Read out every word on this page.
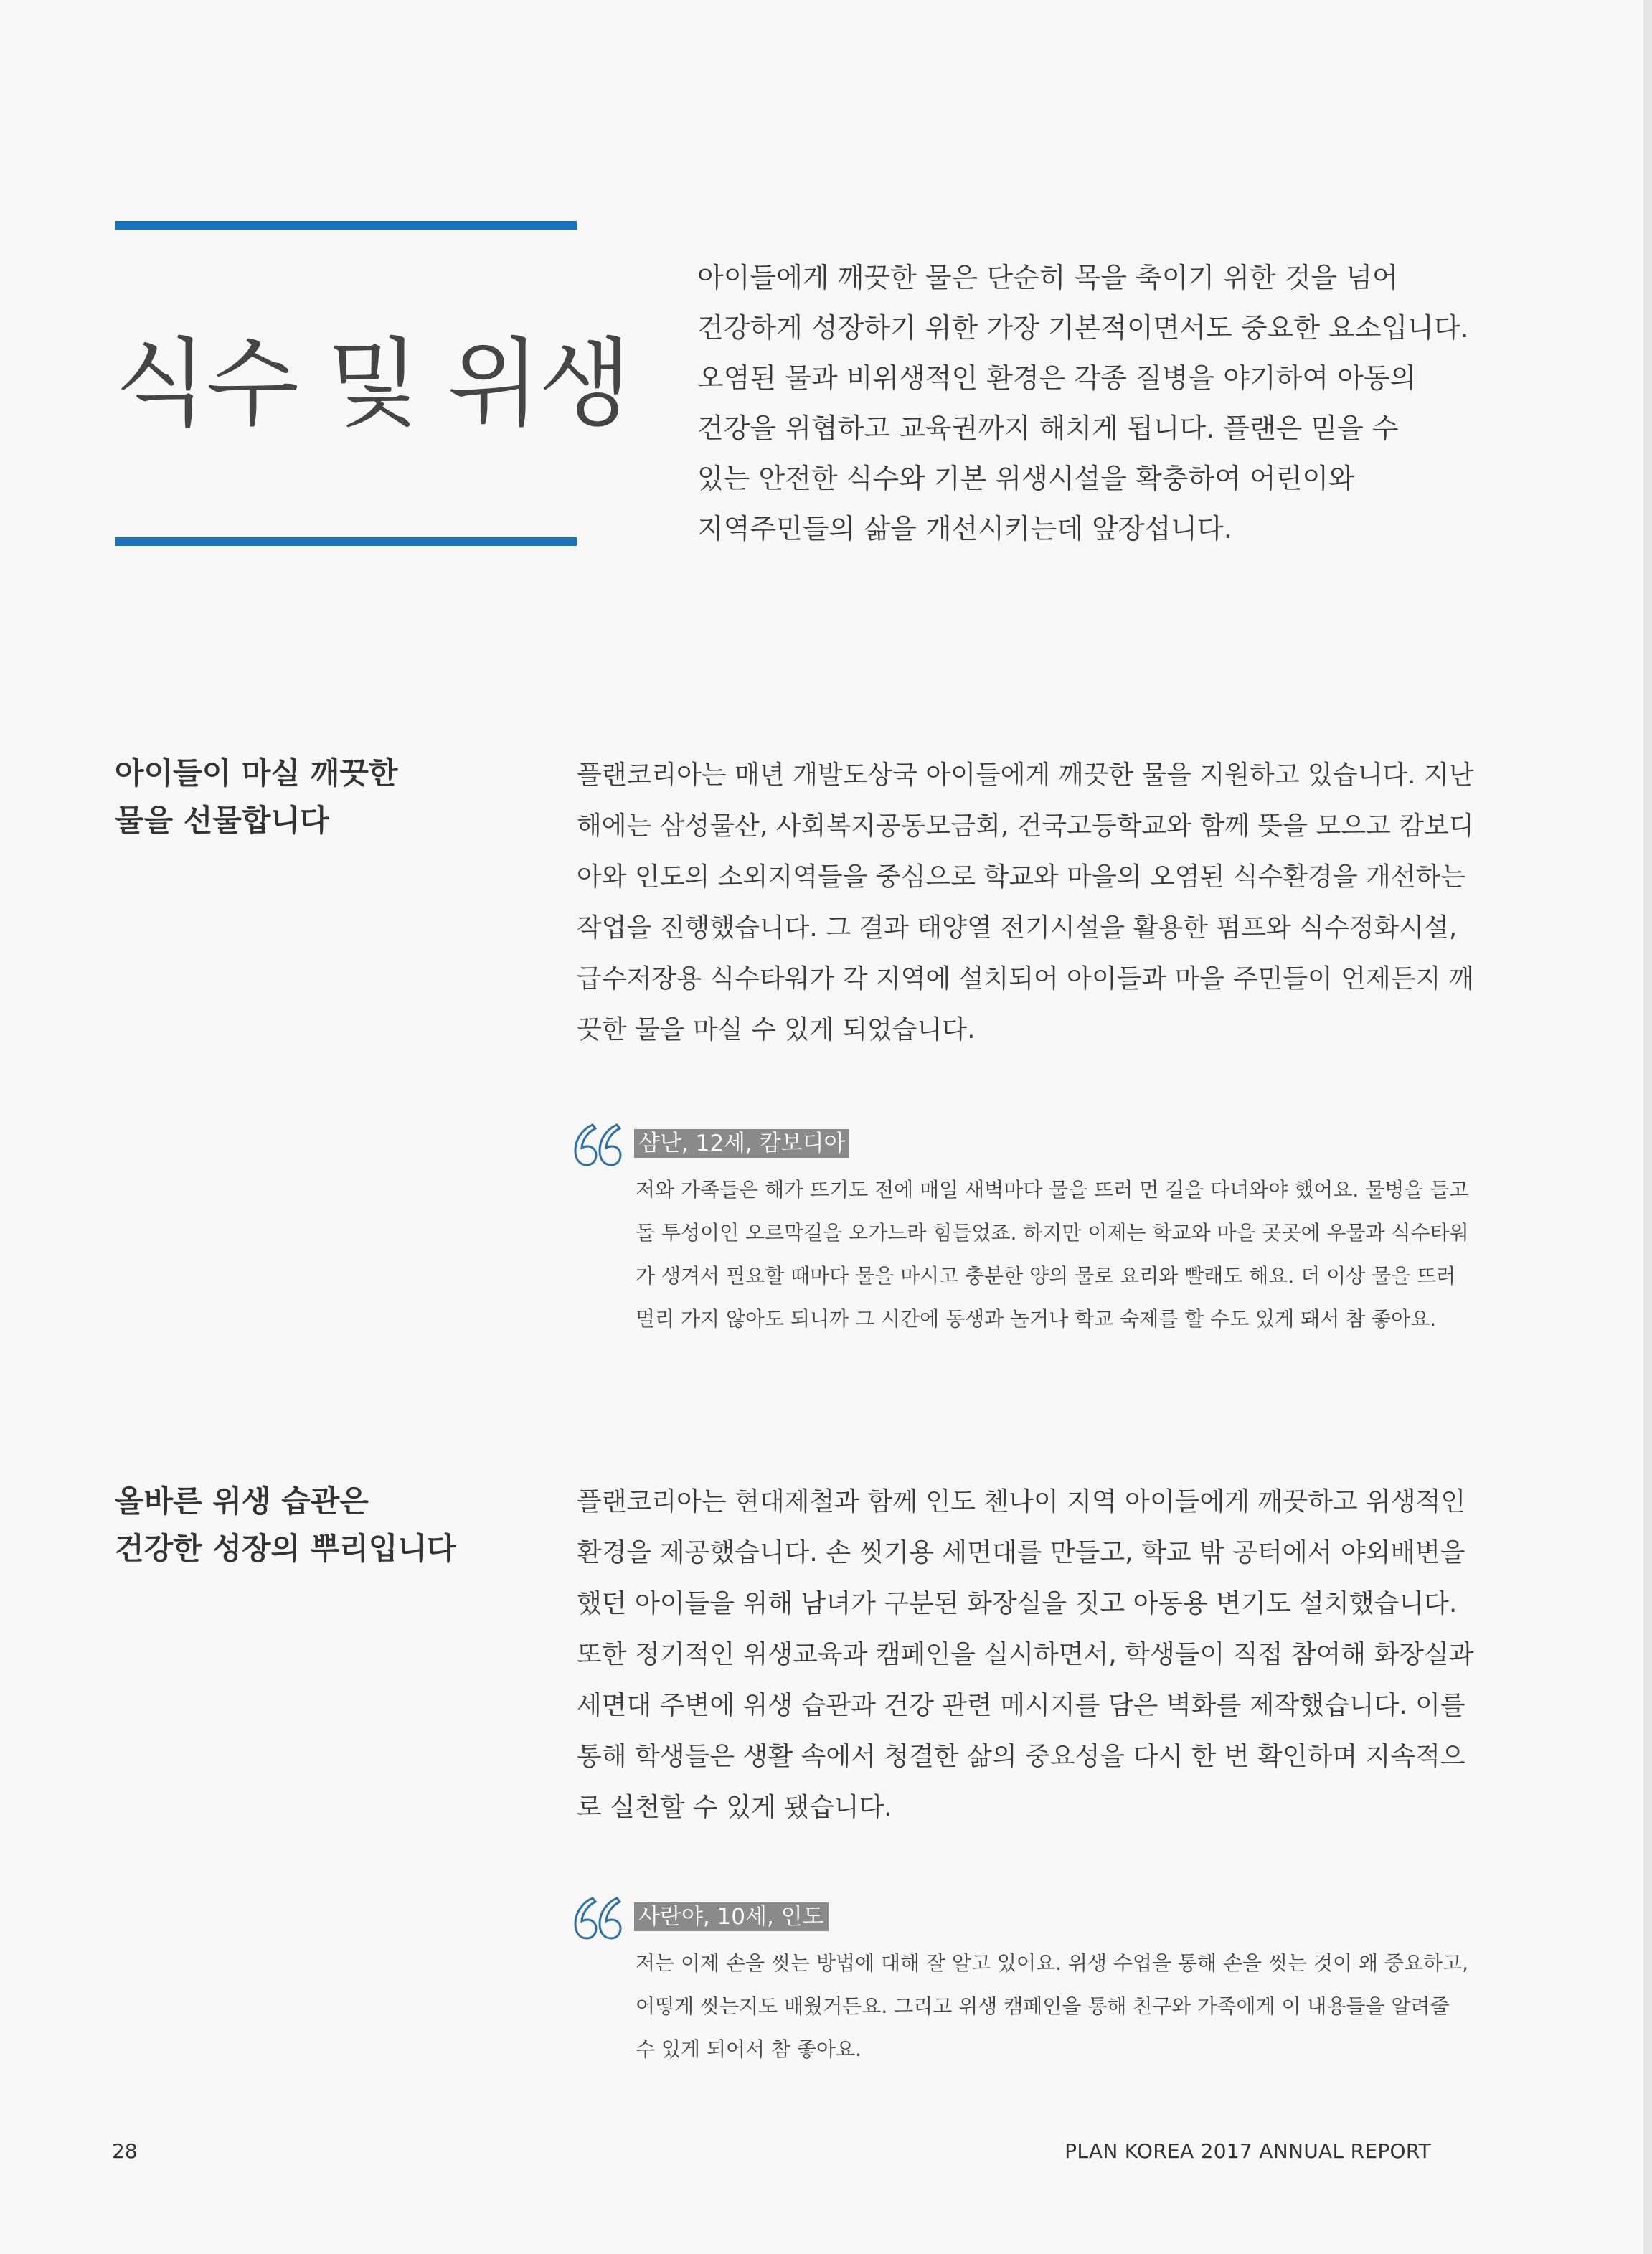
식수 및 위생
아이들에게 깨끗한 물은 단순히 목을 축이기 위한 것을 넘어
건강하게 성장하기 위한 가장 기본적이면서도 중요한 요소입니다.
오염된 물과 비위생적인 환경은 각종 질병을 야기하여 아동의
건강을 위협하고 교육권까지 해치게 됩니다. 플랜은 믿을 수
있는 안전한 식수와 기본 위생시설을 확충하여 어린이와
지역주민들의 삶을 개선시키는데 앞장섭니다.
아이들이 마실 깨끗한
물을 선물합니다
플랜코리아는 매년 개발도상국 아이들에게 깨끗한 물을 지원하고 있습니다. 지난
해에는 삼성물산, 사회복지공동모금회, 건국고등학교와 함께 뜻을 모으고 캄보디
아와 인도의 소외지역들을 중심으로 학교와 마을의 오염된 식수환경을 개선하는
작업을 진행했습니다. 그 결과 태양열 전기시설을 활용한 펌프와 식수정화시설,
급수저장용 식수타워가 각 지역에 설치되어 아이들과 마을 주민들이 언제든지 깨
끗한 물을 마실 수 있게 되었습니다.
샴난, 12세, 캄보디아
저와 가족들은 해가 뜨기도 전에 매일 새벽마다 물을 뜨러 먼 길을 다녀와야 했어요. 물병을 들고
돌 투성이인 오르막길을 오가느라 힘들었죠. 하지만 이제는 학교와 마을 곳곳에 우물과 식수타워
가 생겨서 필요할 때마다 물을 마시고 충분한 양의 물로 요리와 빨래도 해요. 더 이상 물을 뜨러
멀리 가지 않아도 되니까 그 시간에 동생과 놀거나 학교 숙제를 할 수도 있게 돼서 참 좋아요.
올바른 위생 습관은
건강한 성장의 뿌리입니다
플랜코리아는 현대제철과 함께 인도 첸나이 지역 아이들에게 깨끗하고 위생적인
환경을 제공했습니다. 손 씻기용 세면대를 만들고, 학교 밖 공터에서 야외배변을
했던 아이들을 위해 남녀가 구분된 화장실을 짓고 아동용 변기도 설치했습니다.
또한 정기적인 위생교육과 캠페인을 실시하면서, 학생들이 직접 참여해 화장실과
세면대 주변에 위생 습관과 건강 관련 메시지를 담은 벽화를 제작했습니다. 이를
통해 학생들은 생활 속에서 청결한 삶의 중요성을 다시 한 번 확인하며 지속적으
로 실천할 수 있게 됐습니다.
사란야, 10세, 인도
저는 이제 손을 씻는 방법에 대해 잘 알고 있어요. 위생 수업을 통해 손을 씻는 것이 왜 중요하고,
어떻게 씻는지도 배웠거든요. 그리고 위생 캠페인을 통해 친구와 가족에게 이 내용들을 알려줄
수 있게 되어서 참 좋아요.
28	PLAN KOREA 2017 ANNUAL REPORT
